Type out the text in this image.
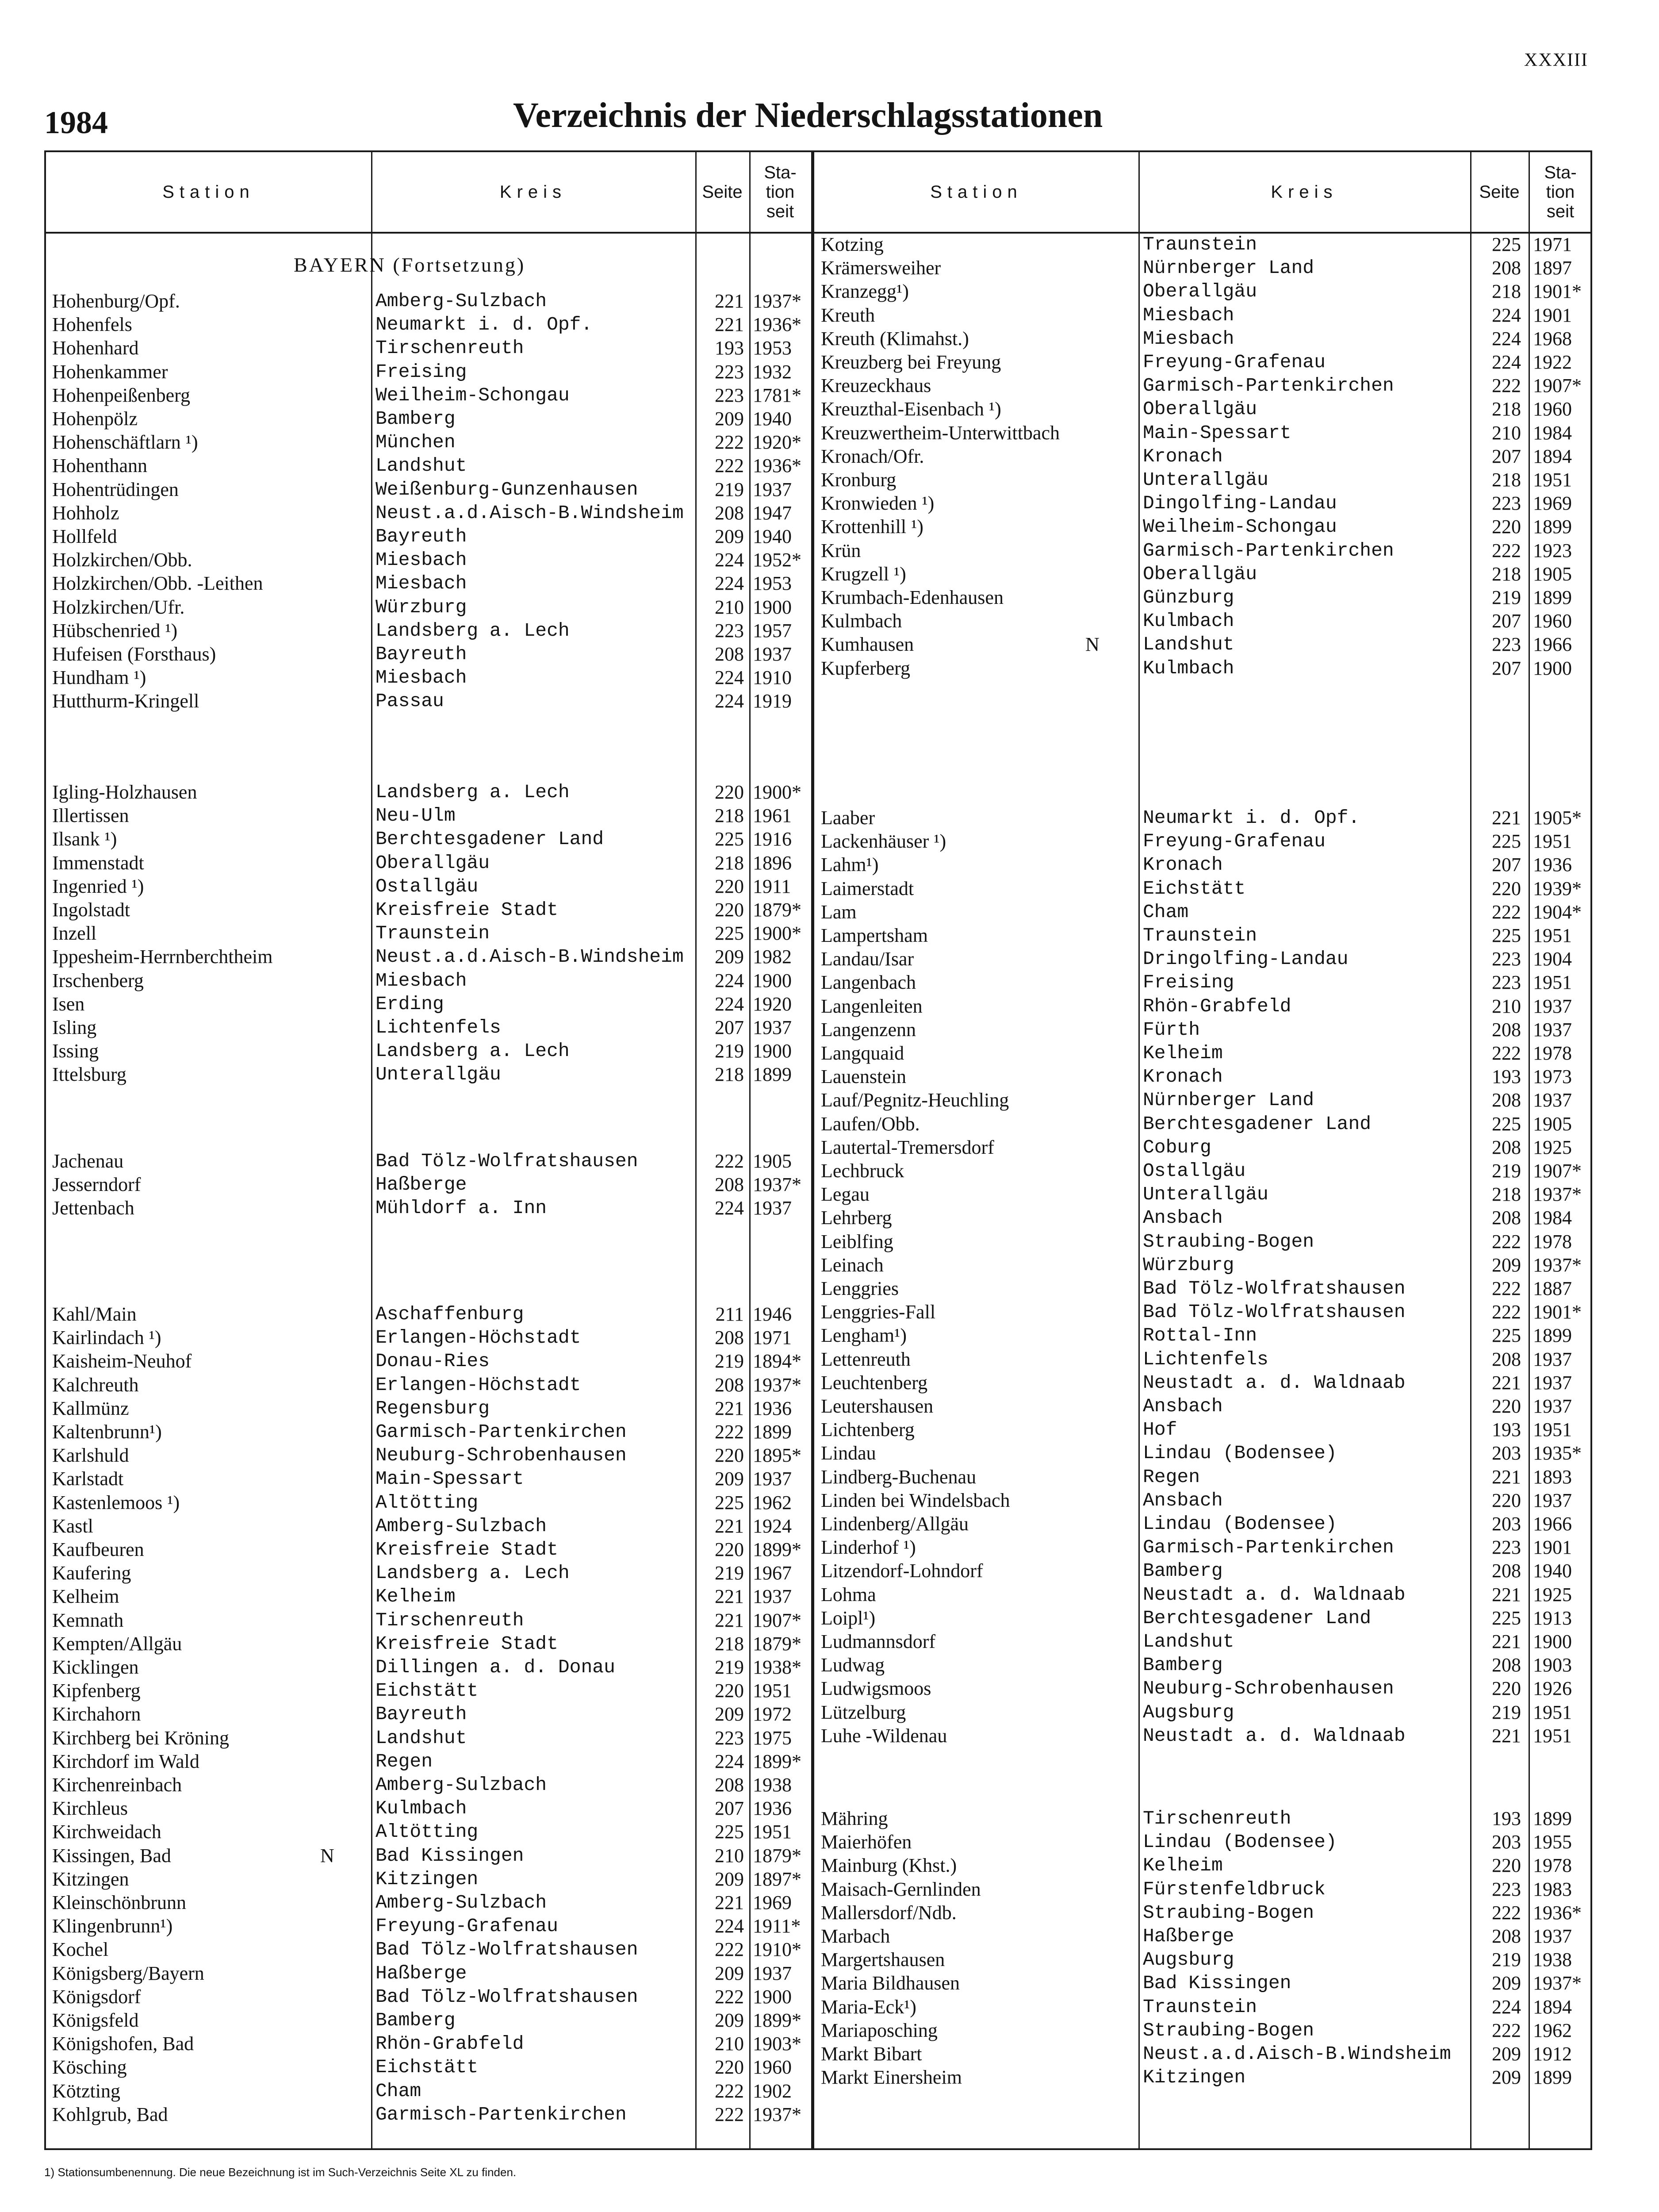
XXXIII
1984	Verzeichnis der Niederschlagsstationen
Station	Kreis	Seite
Sta-
tion
seit
Station	Kreis	Seite
Sta-
tion
seit
BAYERN (Fortsetzung)
Hohenburg/Opf.	Amberg-Sulzbach	221 1937*
Hohenfels	Neumarkt i. d. Opf.	221 1936*
Hohenhard	Tirschenreuth	193 1953
Hohenkammer	Freising	223 1932
Hohenpeißenberg	Weilheim-Schongau	223 1781*
Hohenpölz	Bamberg	209 1940
Hohenschäftlarn ¹)	München	222 1920*
Hohenthann	Landshut	222 1936*
Hohentrüdingen	Weißenburg-Gunzenhausen	219 1937
Hohholz	Neust.a.d.Aisch-B.Windsheim	208 1947
Hollfeld	Bayreuth	209 1940
Holzkirchen/Obb.	Miesbach	224 1952*
Holzkirchen/Obb. -Leithen	Miesbach	224 1953
Holzkirchen/Ufr.	Würzburg	210 1900
Hübschenried ¹)	Landsberg a. Lech	223 1957
Hufeisen (Forsthaus)	Bayreuth	208 1937
Hundham ¹)	Miesbach	224 1910
Hutthurm-Kringell	Passau	224 1919
Igling-Holzhausen	Landsberg a. Lech	220 1900*
Illertissen	Neu-Ulm	218 1961
Ilsank ¹)	Berchtesgadener Land	225 1916
Immenstadt	Oberallgäu	218 1896
Ingenried ¹)	Ostallgäu	220 1911
Ingolstadt	Kreisfreie Stadt	220 1879*
Inzell	Traunstein	225 1900*
Ippesheim-Herrnberchtheim	Neust.a.d.Aisch-B.Windsheim	209 1982
Irschenberg	Miesbach	224 1900
Isen	Erding	224 1920
Isling	Lichtenfels	207 1937
Issing	Landsberg a. Lech	219 1900
Ittelsburg	Unterallgäu	218 1899
Jachenau	Bad Tölz-Wolfratshausen	222 1905
Jesserndorf	Haßberge	208 1937*
Jettenbach	Mühldorf a. Inn	224 1937
Kahl/Main	Aschaffenburg	211 1946
Kairlindach ¹)	Erlangen-Höchstadt	208 1971
Kaisheim-Neuhof	Donau-Ries	219 1894*
Kalchreuth	Erlangen-Höchstadt	208 1937*
Kallmünz	Regensburg	221 1936
Kaltenbrunn¹)	Garmisch-Partenkirchen	222 1899
Karlshuld	Neuburg-Schrobenhausen	220 1895*
Karlstadt	Main-Spessart	209 1937
Kastenlemoos ¹)	Altötting	225 1962
Kastl	Amberg-Sulzbach	221 1924
Kaufbeuren	Kreisfreie Stadt	220 1899*
Kaufering	Landsberg a. Lech	219 1967
Kelheim	Kelheim	221 1937
Kemnath	Tirschenreuth	221 1907*
Kempten/Allgäu	Kreisfreie Stadt	218 1879*
Kicklingen	Dillingen a. d. Donau	219 1938*
Kipfenberg	Eichstätt	220 1951
Kirchahorn	Bayreuth	209 1972
Kirchberg bei Kröning	Landshut	223 1975
Kirchdorf im Wald	Regen	224 1899*
Kirchenreinbach	Amberg-Sulzbach	208 1938
Kirchleus	Kulmbach	207 1936
Kirchweidach	Altötting	225 1951
Kissingen, Bad	Bad Kissingen	210 1879*
N
Kitzingen	Kitzingen	209 1897*
Kleinschönbrunn	Amberg-Sulzbach	221 1969
Klingenbrunn¹)	Freyung-Grafenau	224 1911*
Kochel	Bad Tölz-Wolfratshausen	222 1910*
Königsberg/Bayern	Haßberge	209 1937
Königsdorf	Bad Tölz-Wolfratshausen	222 1900
Königsfeld	Bamberg	209 1899*
Königshofen, Bad	Rhön-Grabfeld	210 1903*
Kösching	Eichstätt	220 1960
Kötzting	Cham	222 1902
Kohlgrub, Bad	Garmisch-Partenkirchen	222 1937*
Kotzing	Traunstein	225 1971
Krämersweiher	Nürnberger Land	208 1897
Kranzegg¹)	Oberallgäu	218 1901*
Kreuth	Miesbach	224 1901
Kreuth (Klimahst.)	Miesbach	224 1968
Kreuzberg bei Freyung	Freyung-Grafenau	224 1922
Kreuzeckhaus	Garmisch-Partenkirchen	222 1907*
Kreuzthal-Eisenbach ¹)	Oberallgäu	218 1960
Kreuzwertheim-Unterwittbach	Main-Spessart	210 1984
Kronach/Ofr.	Kronach	207 1894
Kronburg	Unterallgäu	218 1951
Kronwieden ¹)	Dingolfing-Landau	223 1969
Krottenhill ¹)	Weilheim-Schongau	220 1899
Krün	Garmisch-Partenkirchen	222 1923
Krugzell ¹)	Oberallgäu	218 1905
Krumbach-Edenhausen	Günzburg	219 1899
Kulmbach	Kulmbach	207 1960
Kumhausen	Landshut	223 1966
N
Kupferberg	Kulmbach	207 1900
Laaber	Neumarkt i. d. Opf.	221 1905*
Lackenhäuser ¹)	Freyung-Grafenau	225 1951
Lahm¹)	Kronach	207 1936
Laimerstadt	Eichstätt	220 1939*
Lam	Cham	222 1904*
Lampertsham	Traunstein	225 1951
Landau/Isar	Dringolfing-Landau	223 1904
Langenbach	Freising	223 1951
Langenleiten	Rhön-Grabfeld	210 1937
Langenzenn	Fürth	208 1937
Langquaid	Kelheim	222 1978
Lauenstein	Kronach	193 1973
Lauf/Pegnitz-Heuchling	Nürnberger Land	208 1937
Laufen/Obb.	Berchtesgadener Land	225 1905
Lautertal-Tremersdorf	Coburg	208 1925
Lechbruck	Ostallgäu	219 1907*
Legau	Unterallgäu	218 1937*
Lehrberg	Ansbach	208 1984
Leiblfing	Straubing-Bogen	222 1978
Leinach	Würzburg	209 1937*
Lenggries	Bad Tölz-Wolfratshausen	222 1887
Lenggries-Fall	Bad Tölz-Wolfratshausen	222 1901*
Lengham¹)	Rottal-Inn	225 1899
Lettenreuth	Lichtenfels	208 1937
Leuchtenberg	Neustadt a. d. Waldnaab	221 1937
Leutershausen	Ansbach	220 1937
Lichtenberg	Hof	193 1951
Lindau	Lindau (Bodensee)	203 1935*
Lindberg-Buchenau	Regen	221 1893
Linden bei Windelsbach	Ansbach	220 1937
Lindenberg/Allgäu	Lindau (Bodensee)	203 1966
Linderhof ¹)	Garmisch-Partenkirchen	223 1901
Litzendorf-Lohndorf	Bamberg	208 1940
Lohma	Neustadt a. d. Waldnaab	221 1925
Loipl¹)	Berchtesgadener Land	225 1913
Ludmannsdorf	Landshut	221 1900
Ludwag	Bamberg	208 1903
Ludwigsmoos	Neuburg-Schrobenhausen	220 1926
Lützelburg	Augsburg	219 1951
Luhe -Wildenau	Neustadt a. d. Waldnaab	221 1951
Mähring	Tirschenreuth	193 1899
Maierhöfen	Lindau (Bodensee)	203 1955
Mainburg (Khst.)	Kelheim	220 1978
Maisach-Gernlinden	Fürstenfeldbruck	223 1983
Mallersdorf/Ndb.	Straubing-Bogen	222 1936*
Marbach	Haßberge	208 1937
Margertshausen	Augsburg	219 1938
Maria Bildhausen	Bad Kissingen	209 1937*
Maria-Eck¹)	Traunstein	224 1894
Mariaposching	Straubing-Bogen	222 1962
Markt Bibart	Neust.a.d.Aisch-B.Windsheim	209 1912
Markt Einersheim	Kitzingen	209 1899
1) Stationsumbenennung. Die neue Bezeichnung ist im Such-Verzeichnis Seite XL zu finden.
